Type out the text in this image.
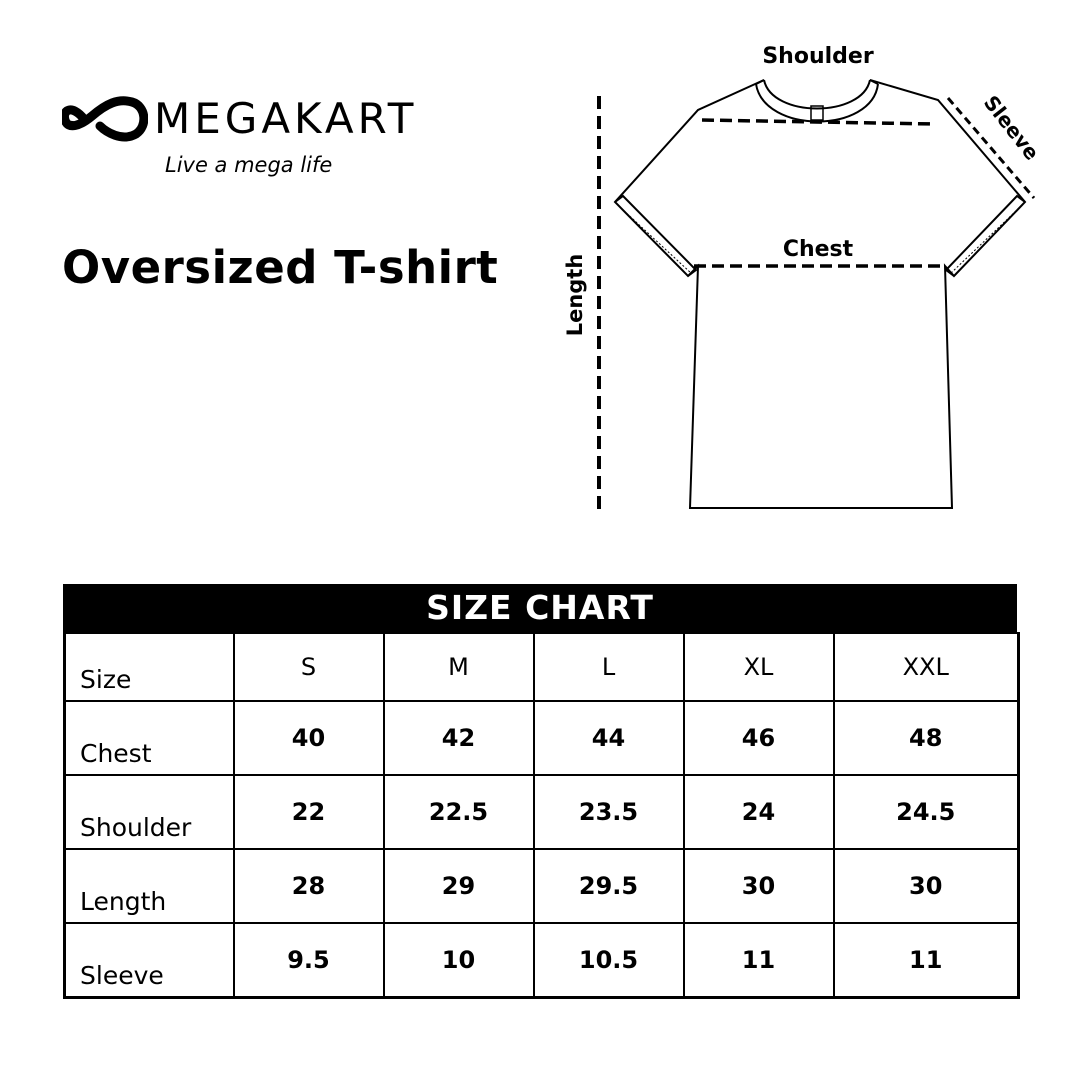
MEGAKART
Live a mega life
Oversized T-shirt	Length
Shoulder
Sleeve
Chest
SIZE CHART
Size	S	M	L	XL	XXL
Chest	40	42	44	46	48
Shoulder	22	22.5	23.5	24	24.5
Length	28	29	29.5	30	30
Sleeve	9.5	10	10.5	11	11
